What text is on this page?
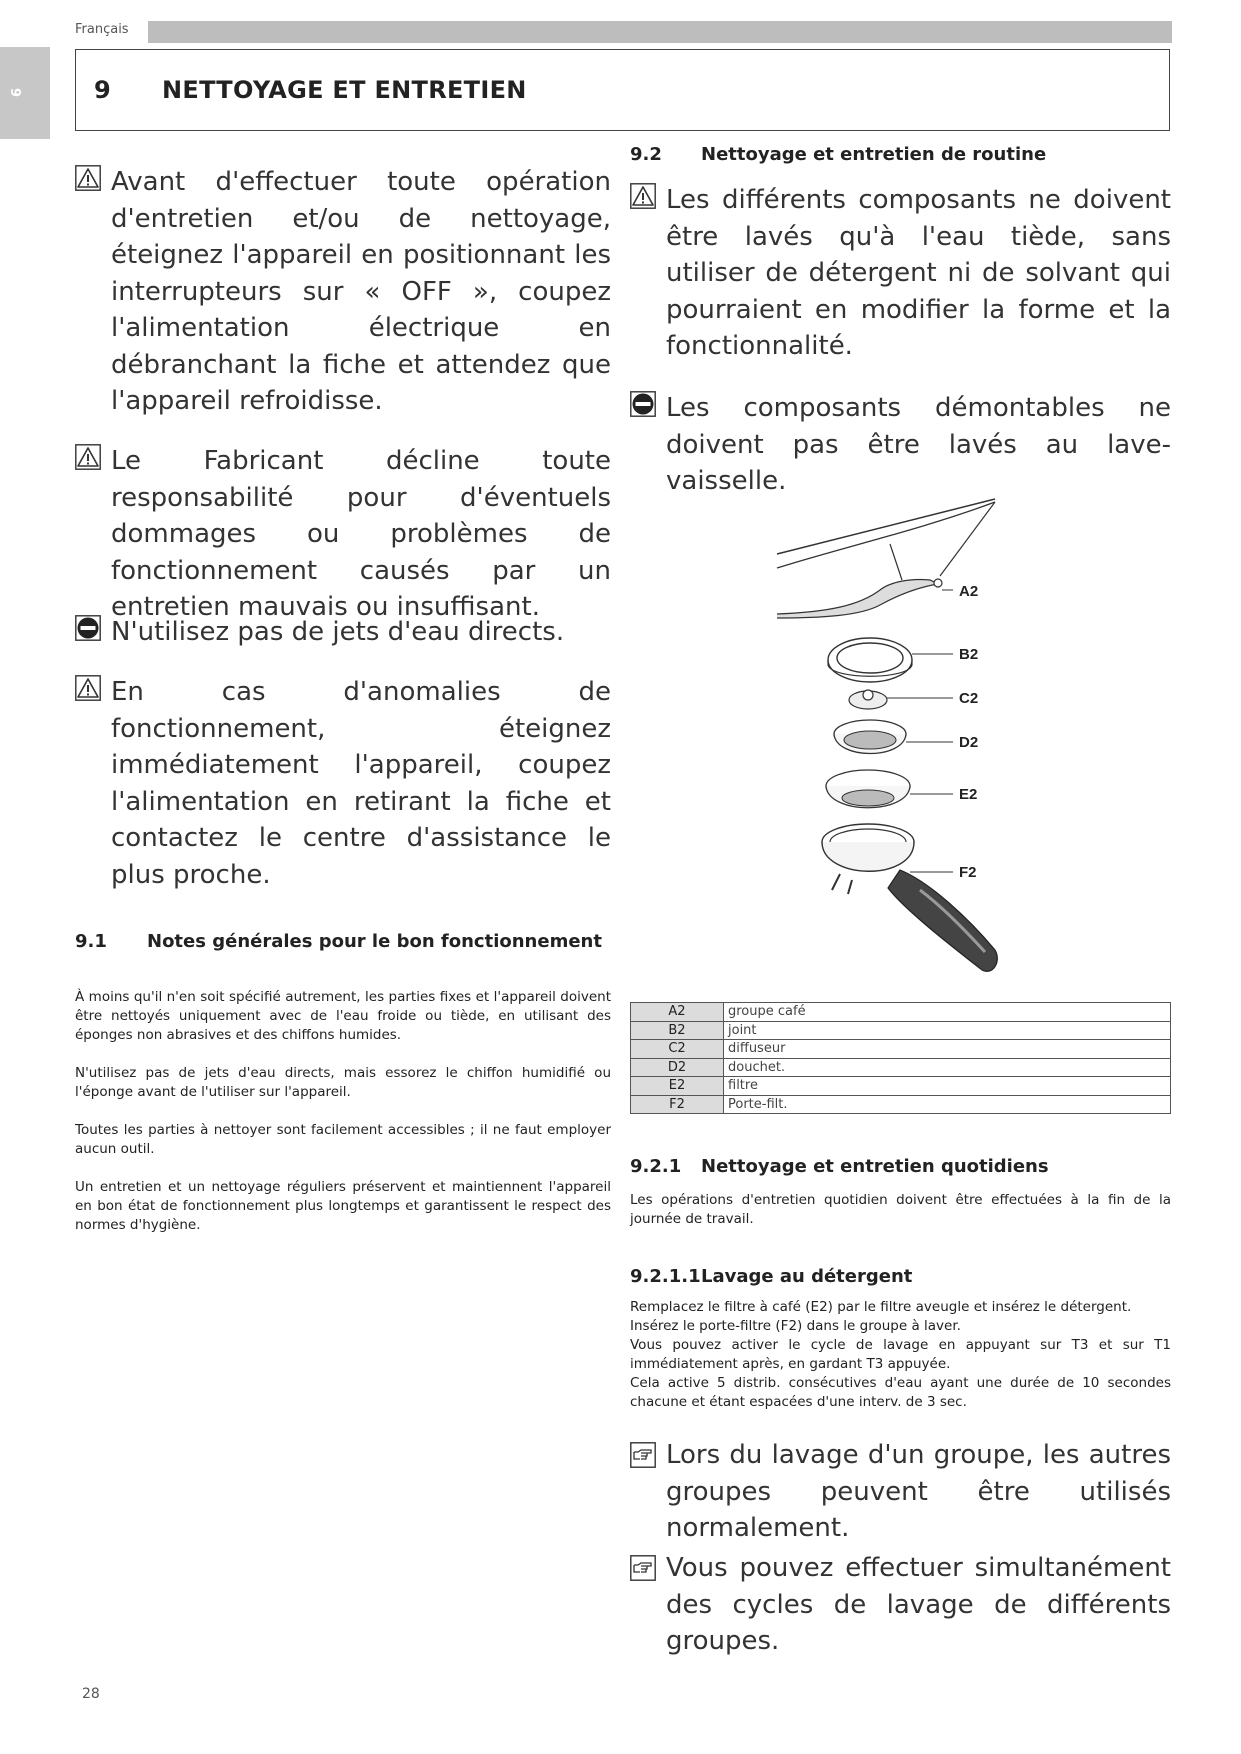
Français
9	9 NETTOYAGE ET ENTRETIEN
Avant d'effectuer toute opération d'entretien et/ou de nettoyage, éteignez l'appareil en positionnant les interrupteurs sur « OFF », coupez l'alimentation électrique en débranchant la fiche et attendez que l'appareil refroidisse.
Le Fabricant décline toute responsabilité pour d'éventuels dommages ou problèmes de fonctionnement causés par un entretien mauvais ou insuffisant.
N'utilisez pas de jets d'eau directs.
En cas d'anomalies de fonctionnement, éteignez immédiatement l'appareil, coupez l'alimentation en retirant la fiche et contactez le centre d'assistance le plus proche.
9.1 Notes générales pour le bon fonctionnement

À moins qu'il n'en soit spécifié autrement, les parties fixes et l'appareil doivent être nettoyés uniquement avec de l'eau froide ou tiède, en utilisant des éponges non abrasives et des chiffons humides.

N'utilisez pas de jets d'eau directs, mais essorez le chiffon humidifié ou l'éponge avant de l'utiliser sur l'appareil.

Toutes les parties à nettoyer sont facilement accessibles ; il ne faut employer aucun outil.

Un entretien et un nettoyage réguliers préservent et maintiennent l'appareil en bon état de fonctionnement plus longtemps et garantissent le respect des normes d'hygiène.

9.2 Nettoyage et entretien de routine
Les différents composants ne doivent être lavés qu'à l'eau tiède, sans utiliser de détergent ni de solvant qui pourraient en modifier la forme et la fonctionnalité.
Les composants démontables ne doivent pas être lavés au lave-vaisselle.
A2
B2
C2
D2
E2
F2
A2	groupe café
B2	joint
C2	diffuseur
D2	douchet.
E2	filtre
F2	Porte-filt.
9.2.1 Nettoyage et entretien quotidiens
Les opérations d'entretien quotidien doivent être effectuées à la fin de la journée de travail.
9.2.1.1 Lavage au détergent
Remplacez le filtre à café (E2) par le filtre aveugle et insérez le détergent.
Insérez le porte-filtre (F2) dans le groupe à laver.
Vous pouvez activer le cycle de lavage en appuyant sur T3 et sur T1 immédiatement après, en gardant T3 appuyée.
Cela active 5 distrib. consécutives d'eau ayant une durée de 10 secondes chacune et étant espacées d'une interv. de 3 sec.
Lors du lavage d'un groupe, les autres groupes peuvent être utilisés normalement.
Vous pouvez effectuer simultanément des cycles de lavage de différents groupes.
28
